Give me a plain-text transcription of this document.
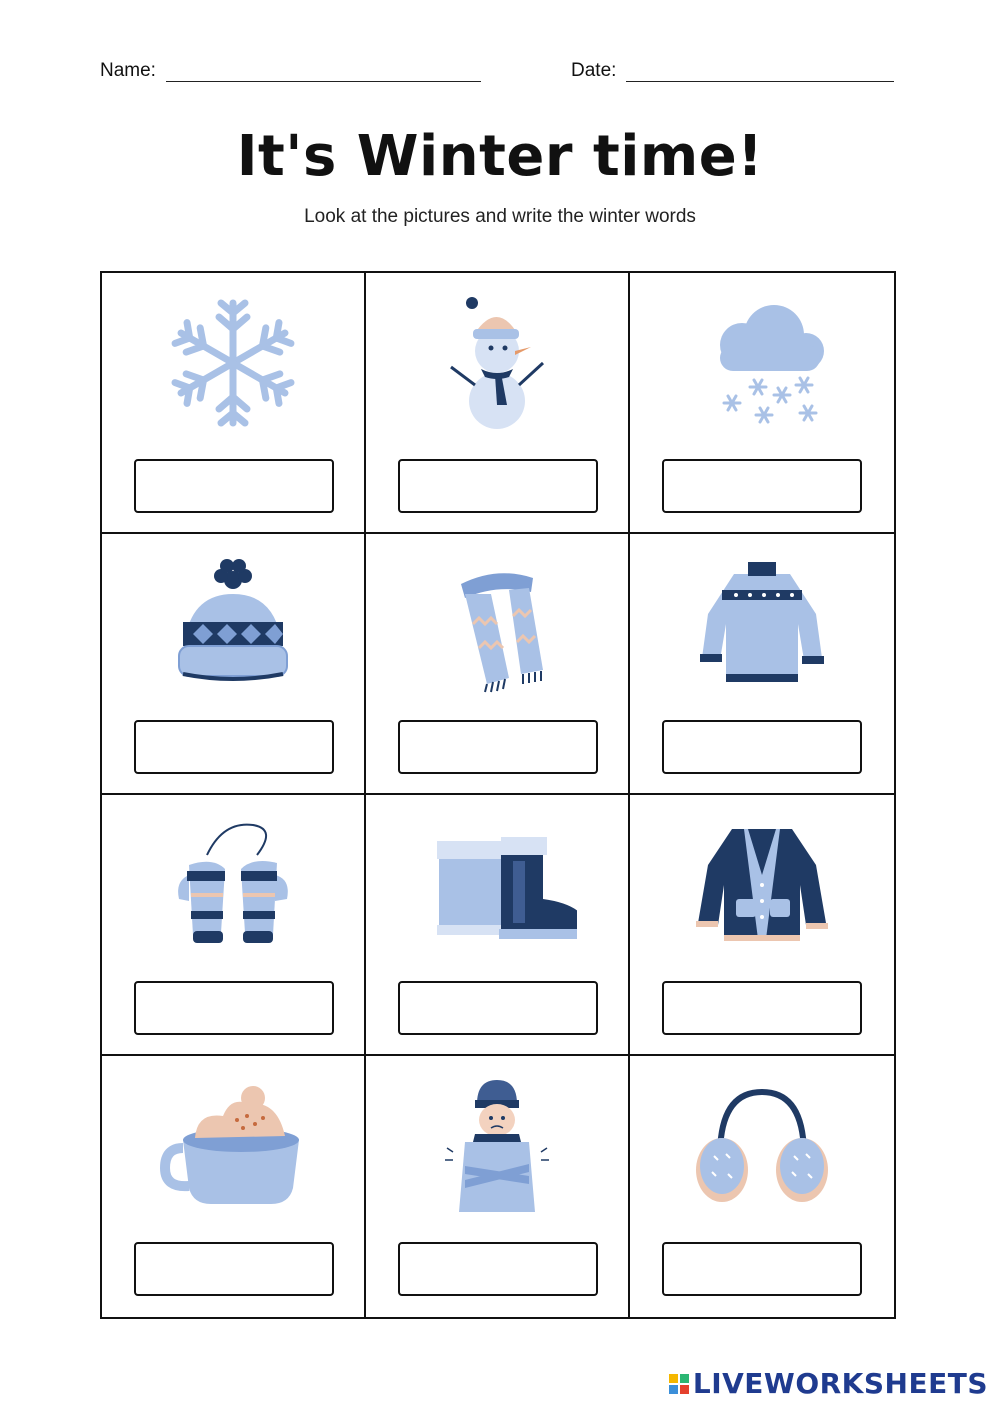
Name:	Date:
It's Winter time!
Look at the pictures and write the winter words
LIVEWORKSHEETS
